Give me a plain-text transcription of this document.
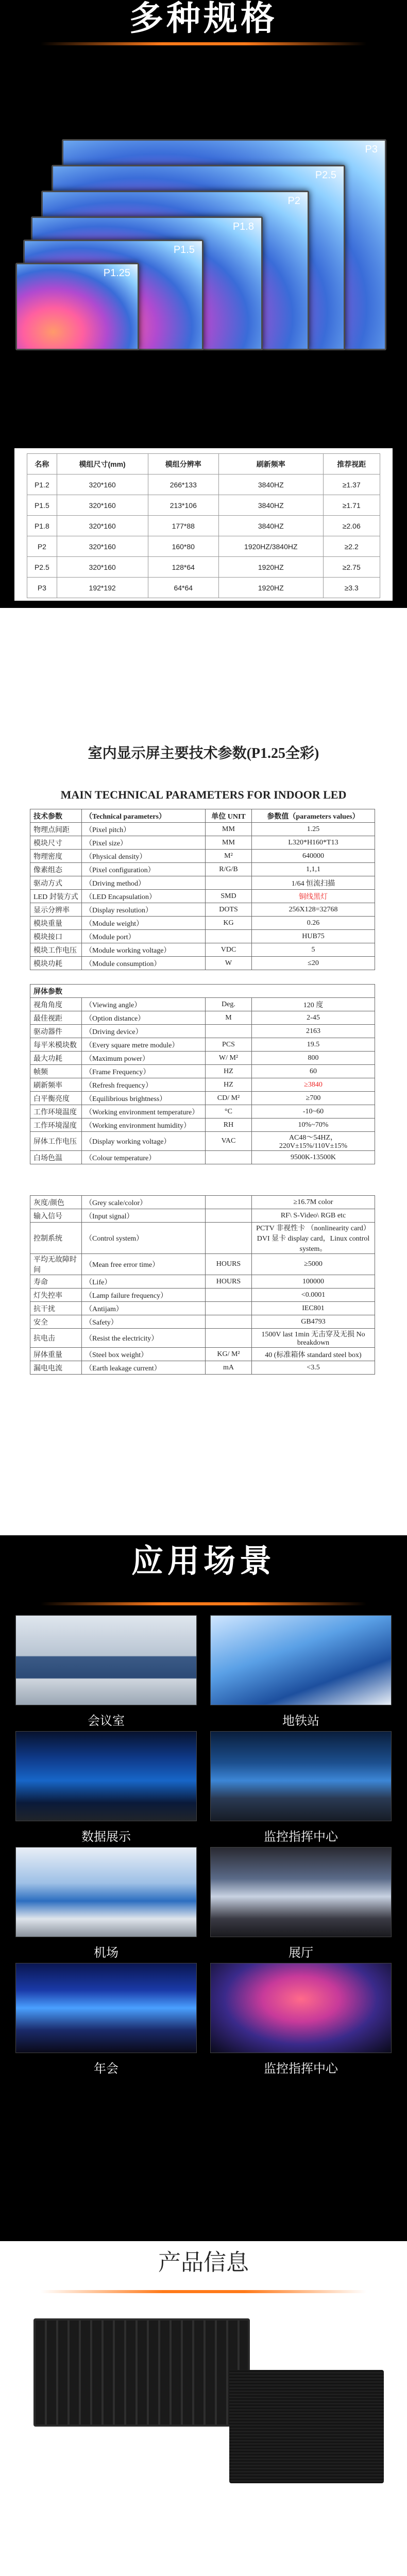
多种规格
P3
P2.5
P2
P1.8
P1.5
P1.25
名称	模组尺寸(mm)	模组分辨率	刷新频率	推荐视距
P1.2	320*160	266*133	3840HZ	≥1.37
P1.5	320*160	213*106	3840HZ	≥1.71
P1.8	320*160	177*88	3840HZ	≥2.06
P2	320*160	160*80	1920HZ/3840HZ	≥2.2
P2.5	320*160	128*64	1920HZ	≥2.75
P3	192*192	64*64	1920HZ	≥3.3
室内显示屏主要技术参数(P1.25全彩)
MAIN TECHNICAL PARAMETERS FOR INDOOR LED
技术参数	（Technical parameters）	单位 UNIT	参数值（parameters values）
物理点间距	（Pixel pitch）	MM	1.25
模块尺寸	（Pixel size）	MM	L320*H160*T13
物理密度	（Physical density）	M²	640000
像素组态	（Pixel configuration）	R/G/B	1,1,1
驱动方式	（Driving method）		1/64 恒流扫描
LED 封装方式	（LED Encapsulation）	SMD	铜线黑灯
显示分辨率	（Display resolution）	DOTS	256X128=32768
模块重量	（Module weight）	KG	0.26
模块接口	（Module port）		HUB75
模块工作电压	（Module working voltage）	VDC	5
模块功耗	（Module consumption）	W	≤20
屏体参数			
视角角度	（Viewing angle）	Deg.	120 度
最佳视距	（Option distance）	M	2-45
驱动器件	（Driving device）		2163
每平米模块数	（Every square metre module）	PCS	19.5
最大功耗	（Maximum power）	W/ M²	800
帧频	（Frame Frequency）	HZ	60
刷新频率	（Refresh frequency）	HZ	≥3840
白平衡亮度	（Equilibrious brightness）	CD/ M²	≥700
工作环境温度	（Working environment temperature）	°C	-10~60
工作环境湿度	（Working environment humidity）	RH	10%~70%
屏体工作电压	（Display working voltage）	VAC	AC48～54HZ，220V±15%/110V±15%
白场色温	（Colour temperature）		9500K-13500K
灰度/颜色	（Grey scale/color）		≥16.7M color
输入信号	（Input signal）		RF\ S-Video\ RGB etc
控制系统	（Control system）		PCTV 非视性卡 （nonlinearity card）DVI 显卡 display card，Linux control system。
平均无故障时间	（Mean free error time）	HOURS	≥5000
寿命	（Life）	HOURS	100000
灯失控率	（Lamp failure frequency）		<0.0001
抗干扰	（Antijam）		IEC801
安全	（Safety）		GB4793
抗电击	（Resist the electricity）		1500V last 1min 无击穿及无损 No breakdown
屏体重量	（Steel box weight）	KG/ M²	40 (标准箱体 standard steel box)
漏电电流	（Earth leakage current）	mA	<3.5
应用场景
会议室	地铁站
数据展示	监控指挥中心
机场	展厅
年会	监控指挥中心
产品信息
